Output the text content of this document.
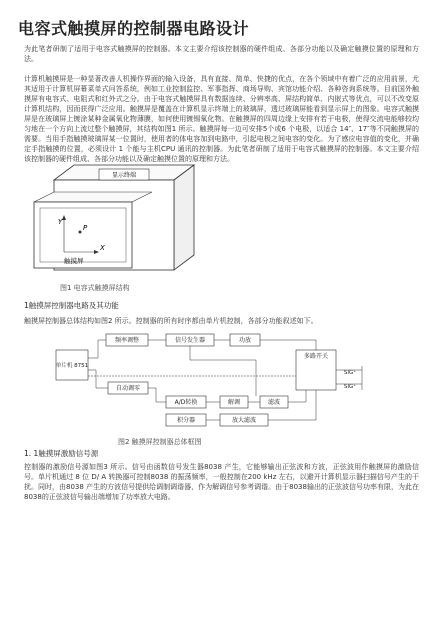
电容式触摸屏的控制器电路设计
为此笔者研制了适用于电容式触摸屏的控制器。本文主要介绍该控制器的硬件组成、各部分功能以及确定触摸位置的原理和方法。
计算机触摸屏是一种显著改善人机操作界面的输入设备，具有直接、简单、快捷的优点，在各个领域中有着广泛的应用前景，尤其适用于计算机屏幕菜单式问答系统，例如工业控制监控、军事指挥、商场导购、宾馆功能介绍、各种咨询系统等。目前国外触摸屏有电容式、电阻式和红外式之分。由于电容式触摸屏具有数据连续、分辨率高、屏结构简单、内嵌式等优点，可以不改变原计算机结构，因而获得广泛应用。触摸屏是覆盖在计算机显示终端上的玻璃屏，透过玻璃屏能看到显示屏上的图象。电容式触摸屏是在玻璃屏上镀涂某种金属氧化物薄膜，如何使用镀锡氧化物。在触摸屏的四周边缘上安排有若干电极，使得交流电能够较均匀地在一个方向上流过整个触摸屏，其结构如图1 所示。触摸屏每一边可安排5个或6 个电极，以适合 14″、17″等不同触摸屏的需要。当用手指触摸玻璃屏某一位置时，使用者的体电容加到电路中，引起电极之间电容的变化。为了感应电容值的变化，并确定手指触摸的位置，必须设计 1 个能与主机CPU 通讯的控制器。为此笔者研制了适用于电容式触摸屏的控制器。本文主要介绍该控制器的硬件组成、各部分功能以及确定触摸位置的原理和方法。
显示终端
Y
X
P
触摸屏
图1 电容式触摸屏结构
1触摸屏控制器电路及其功能
触摸屏控制器总体结构如图2 所示。控制器的所有时序都由单片机控制，各部分功能叙述如下。
单片机 8751
频率调整	信号发生器	功放
多路开关
自动调零
A/D转换	解调	滤波
积分器	放大滤波
SIG⁺
SIG⁺
图2 触摸屏控制器总体框图
1. 1触摸屏激励信号源
控制器的激励信号源如图3 所示。信号由函数信号发生器8038 产生，它能够输出正弦波和方波，正弦波用作触摸屏的激励信号。单片机通过 8 位 D/ A 转换器可控制8038 的振荡频率，一般控制在200 kHz 左右，以避开计算机显示器扫描信号产生的干扰。同时，由8038 产生的方波信号提供给调制调谐器，作为解调信号参考调谐。由于8038输出的正弦波信号功率有限，为此在8038的正弦波信号输出端增加了功率放大电路。
